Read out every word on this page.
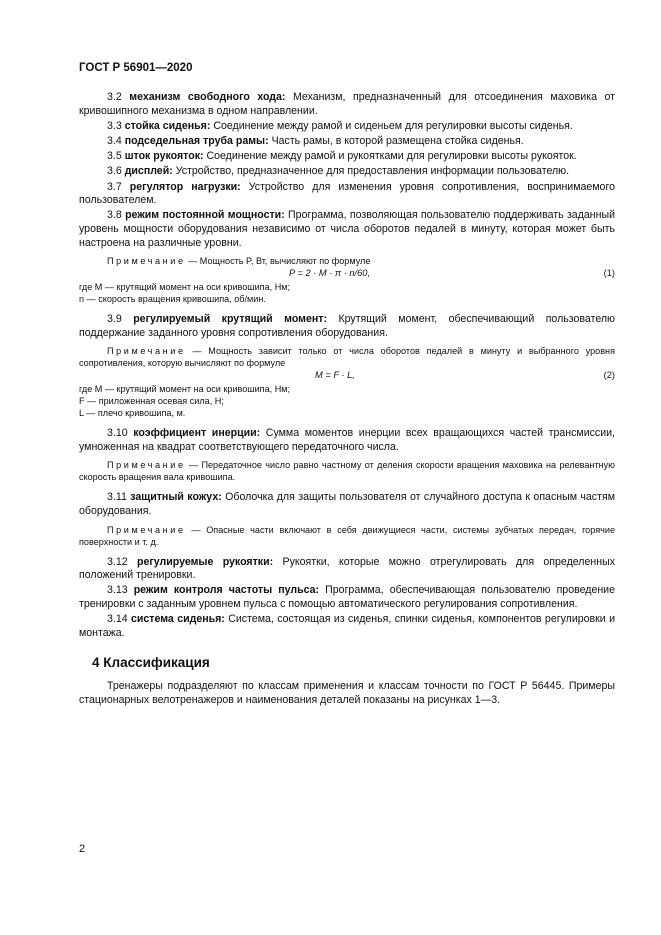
ГОСТ Р 56901—2020

3.2 механизм свободного хода: Механизм, предназначенный для отсоединения маховика от кривошипного механизма в одном направлении.

3.3 стойка сиденья: Соединение между рамой и сиденьем для регулировки высоты сиденья.

3.4 подседельная труба рамы: Часть рамы, в которой размещена стойка сиденья.

3.5 шток рукояток: Соединение между рамой и рукоятками для регулировки высоты рукояток.

3.6 дисплей: Устройство, предназначенное для предоставления информации пользователю.

3.7 регулятор нагрузки: Устройство для изменения уровня сопротивления, воспринимаемого пользователем.

3.8 режим постоянной мощности: Программа, позволяющая пользователю поддерживать заданный уровень мощности оборудования независимо от числа оборотов педалей в минуту, которая может быть настроена на различные уровни.

Примечание — Мощность P, Вт, вычисляют по формуле
P = 2 · M · π · n/60,	(1)
где M — крутящий момент на оси кривошипа, Нм;
n — скорость вращения кривошипа, об/мин.

3.9 регулируемый крутящий момент: Крутящий момент, обеспечивающий пользователю поддержание заданного уровня сопротивления оборудования.

Примечание — Мощность зависит только от числа оборотов педалей в минуту и выбранного уровня сопротивления, которую вычисляют по формуле
M = F · L,	(2)
где M — крутящий момент на оси кривошипа, Нм;
F — приложенная осевая сила, Н;
L — плечо кривошипа, м.

3.10 коэффициент инерции: Сумма моментов инерции всех вращающихся частей трансмиссии, умноженная на квадрат соответствующего передаточного числа.

Примечание — Передаточное число равно частному от деления скорости вращения маховика на релевантную скорость вращения вала кривошипа.

3.11 защитный кожух: Оболочка для защиты пользователя от случайного доступа к опасным частям оборудования.

Примечание — Опасные части включают в себя движущиеся части, системы зубчатых передач, горячие поверхности и т. д.

3.12 регулируемые рукоятки: Рукоятки, которые можно отрегулировать для определенных положений тренировки.

3.13 режим контроля частоты пульса: Программа, обеспечивающая пользователю проведение тренировки с заданным уровнем пульса с помощью автоматического регулирования сопротивления.

3.14 система сиденья: Система, состоящая из сиденья, спинки сиденья, компонентов регулировки и монтажа.

4 Классификация

Тренажеры подразделяют по классам применения и классам точности по ГОСТ Р 56445. Примеры стационарных велотренажеров и наименования деталей показаны на рисунках 1—3.

2
